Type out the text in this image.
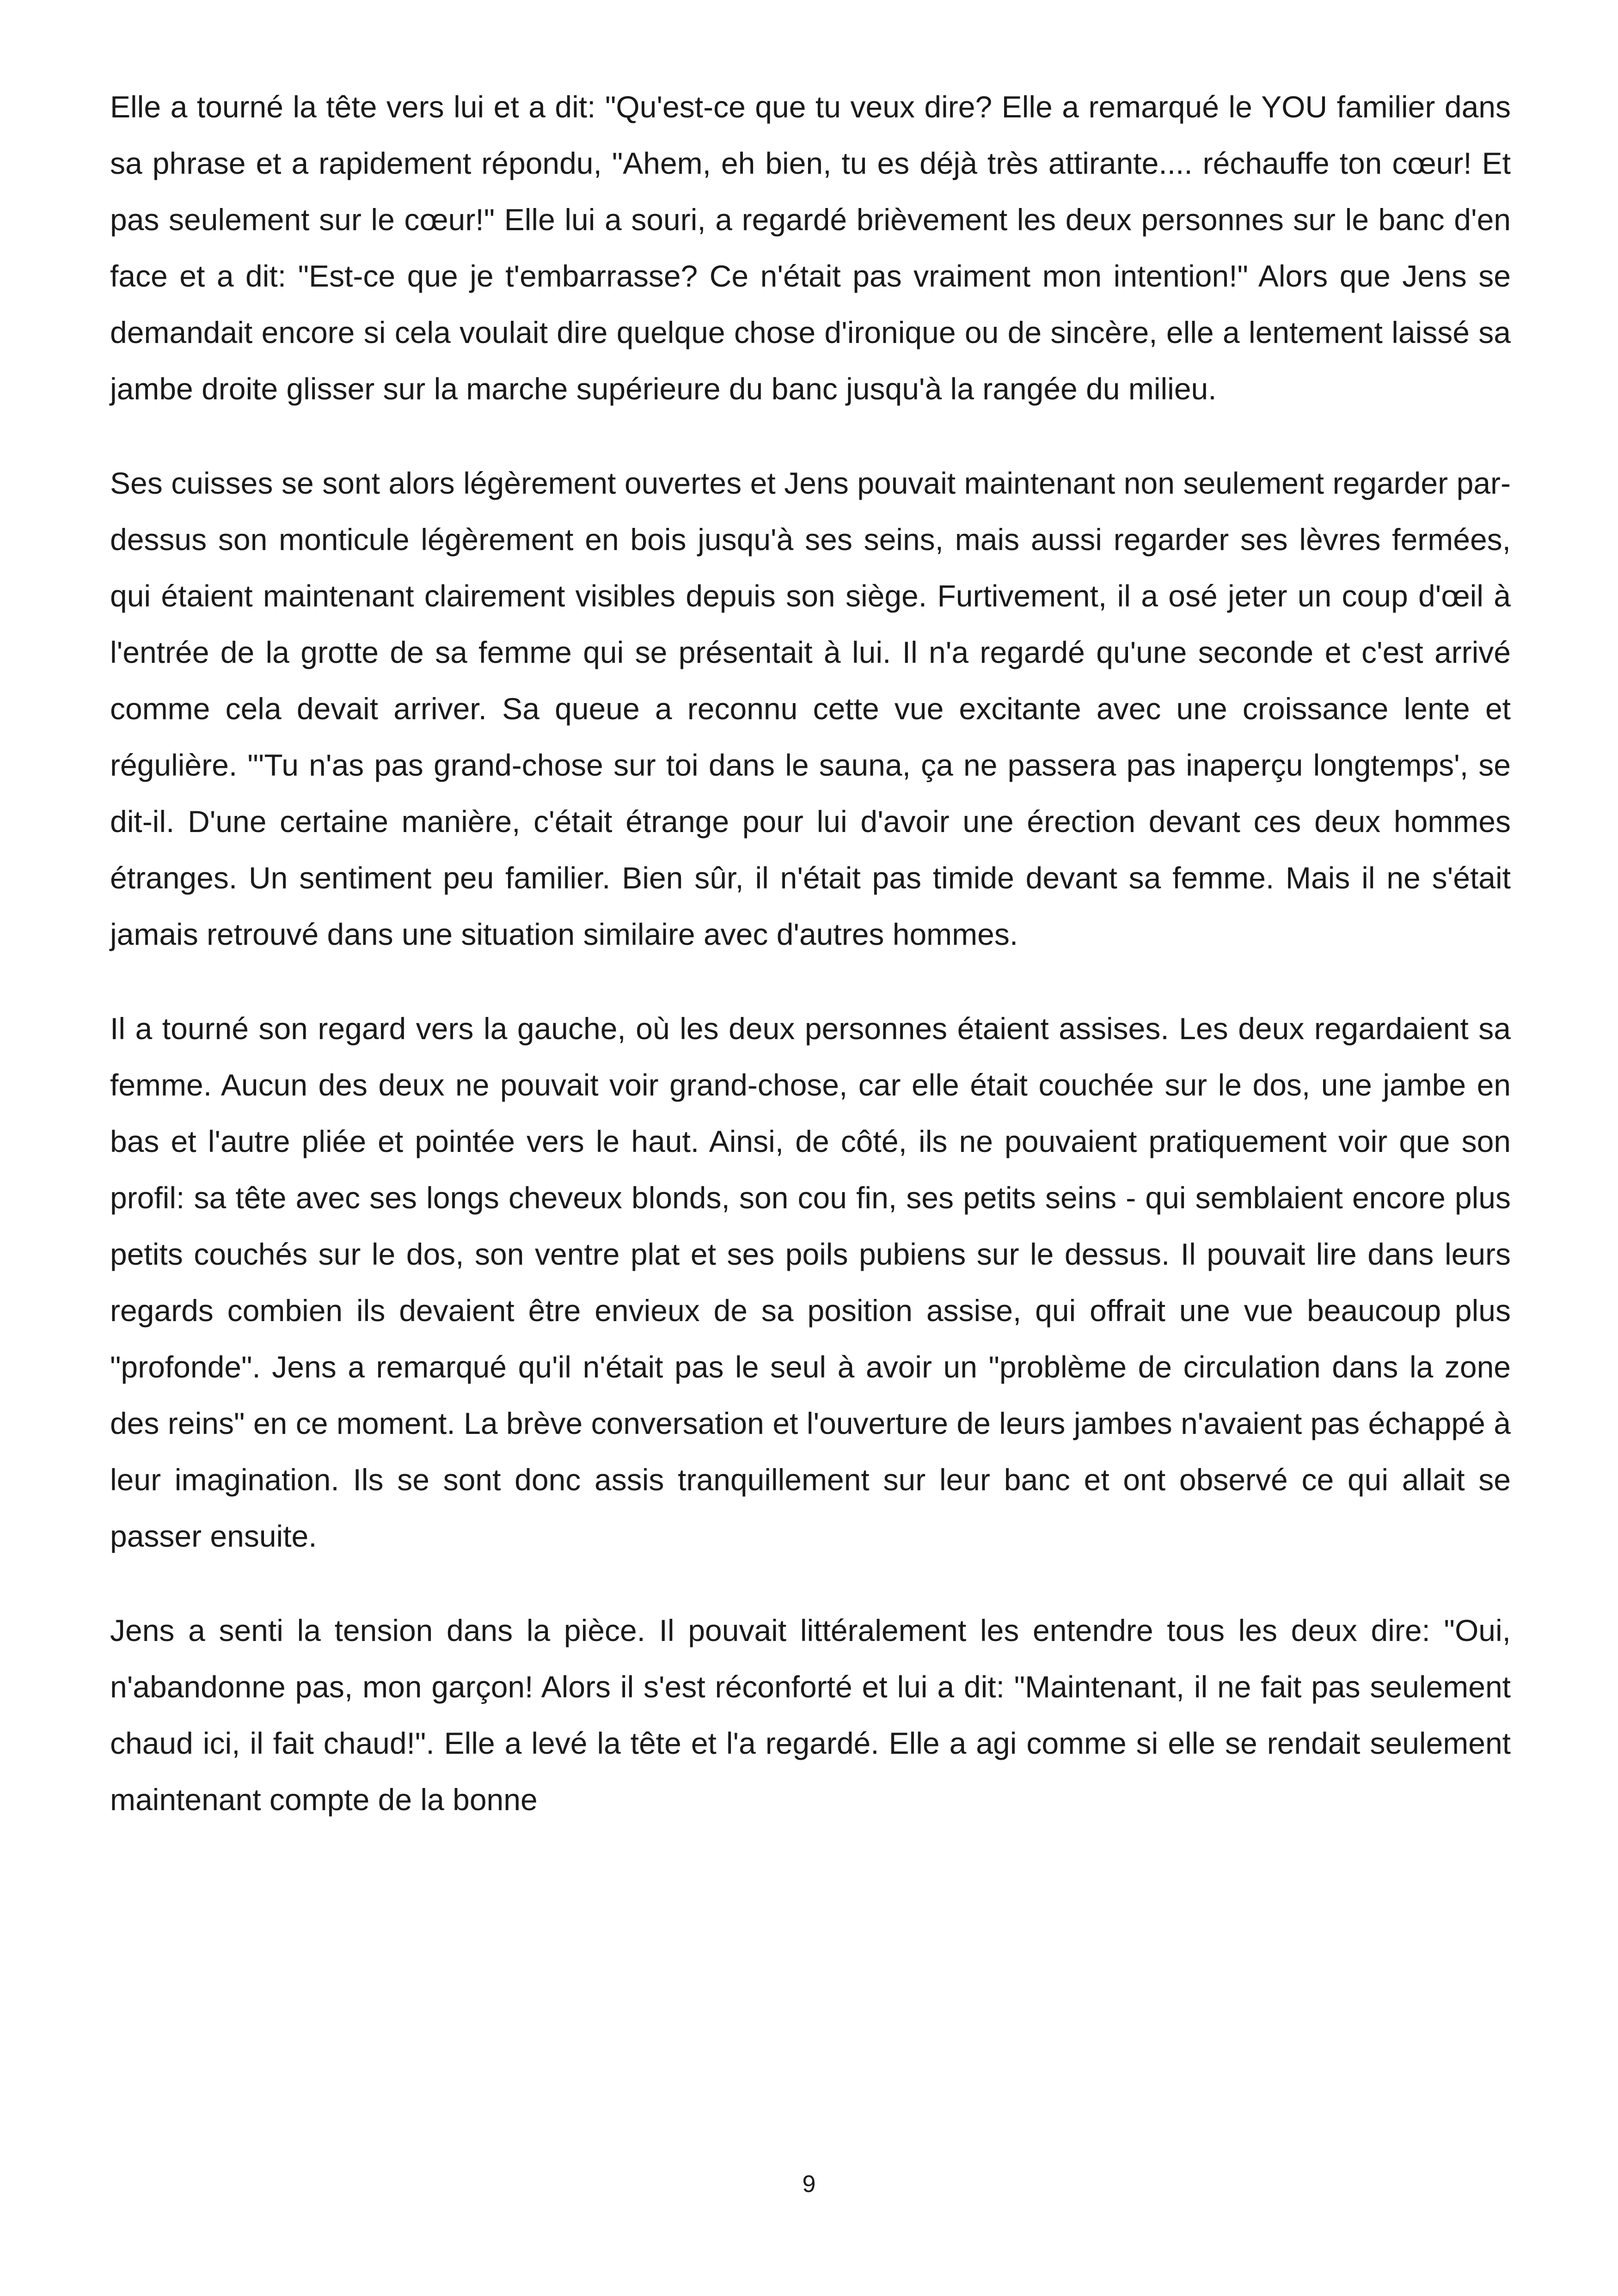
Elle a tourné la tête vers lui et a dit: "Qu'est-ce que tu veux dire? Elle a remarqué le YOU familier dans sa phrase et a rapidement répondu, "Ahem, eh bien, tu es déjà très attirante.... réchauffe ton cœur! Et pas seulement sur le cœur!" Elle lui a souri, a regardé brièvement les deux personnes sur le banc d'en face et a dit: "Est-ce que je t'embarrasse? Ce n'était pas vraiment mon intention!" Alors que Jens se demandait encore si cela voulait dire quelque chose d'ironique ou de sincère, elle a lentement laissé sa jambe droite glisser sur la marche supérieure du banc jusqu'à la rangée du milieu.

Ses cuisses se sont alors légèrement ouvertes et Jens pouvait maintenant non seulement regarder par-dessus son monticule légèrement en bois jusqu'à ses seins, mais aussi regarder ses lèvres fermées, qui étaient maintenant clairement visibles depuis son siège. Furtivement, il a osé jeter un coup d'œil à l'entrée de la grotte de sa femme qui se présentait à lui. Il n'a regardé qu'une seconde et c'est arrivé comme cela devait arriver. Sa queue a reconnu cette vue excitante avec une croissance lente et régulière. "'Tu n'as pas grand-chose sur toi dans le sauna, ça ne passera pas inaperçu longtemps', se dit-il. D'une certaine manière, c'était étrange pour lui d'avoir une érection devant ces deux hommes étranges. Un sentiment peu familier. Bien sûr, il n'était pas timide devant sa femme. Mais il ne s'était jamais retrouvé dans une situation similaire avec d'autres hommes.

Il a tourné son regard vers la gauche, où les deux personnes étaient assises. Les deux regardaient sa femme. Aucun des deux ne pouvait voir grand-chose, car elle était couchée sur le dos, une jambe en bas et l'autre pliée et pointée vers le haut. Ainsi, de côté, ils ne pouvaient pratiquement voir que son profil: sa tête avec ses longs cheveux blonds, son cou fin, ses petits seins - qui semblaient encore plus petits couchés sur le dos, son ventre plat et ses poils pubiens sur le dessus. Il pouvait lire dans leurs regards combien ils devaient être envieux de sa position assise, qui offrait une vue beaucoup plus "profonde". Jens a remarqué qu'il n'était pas le seul à avoir un "problème de circulation dans la zone des reins" en ce moment. La brève conversation et l'ouverture de leurs jambes n'avaient pas échappé à leur imagination. Ils se sont donc assis tranquillement sur leur banc et ont observé ce qui allait se passer ensuite.

Jens a senti la tension dans la pièce. Il pouvait littéralement les entendre tous les deux dire: "Oui, n'abandonne pas, mon garçon! Alors il s'est réconforté et lui a dit: "Maintenant, il ne fait pas seulement chaud ici, il fait chaud!". Elle a levé la tête et l'a regardé. Elle a agi comme si elle se rendait seulement maintenant compte de la bonne

9
